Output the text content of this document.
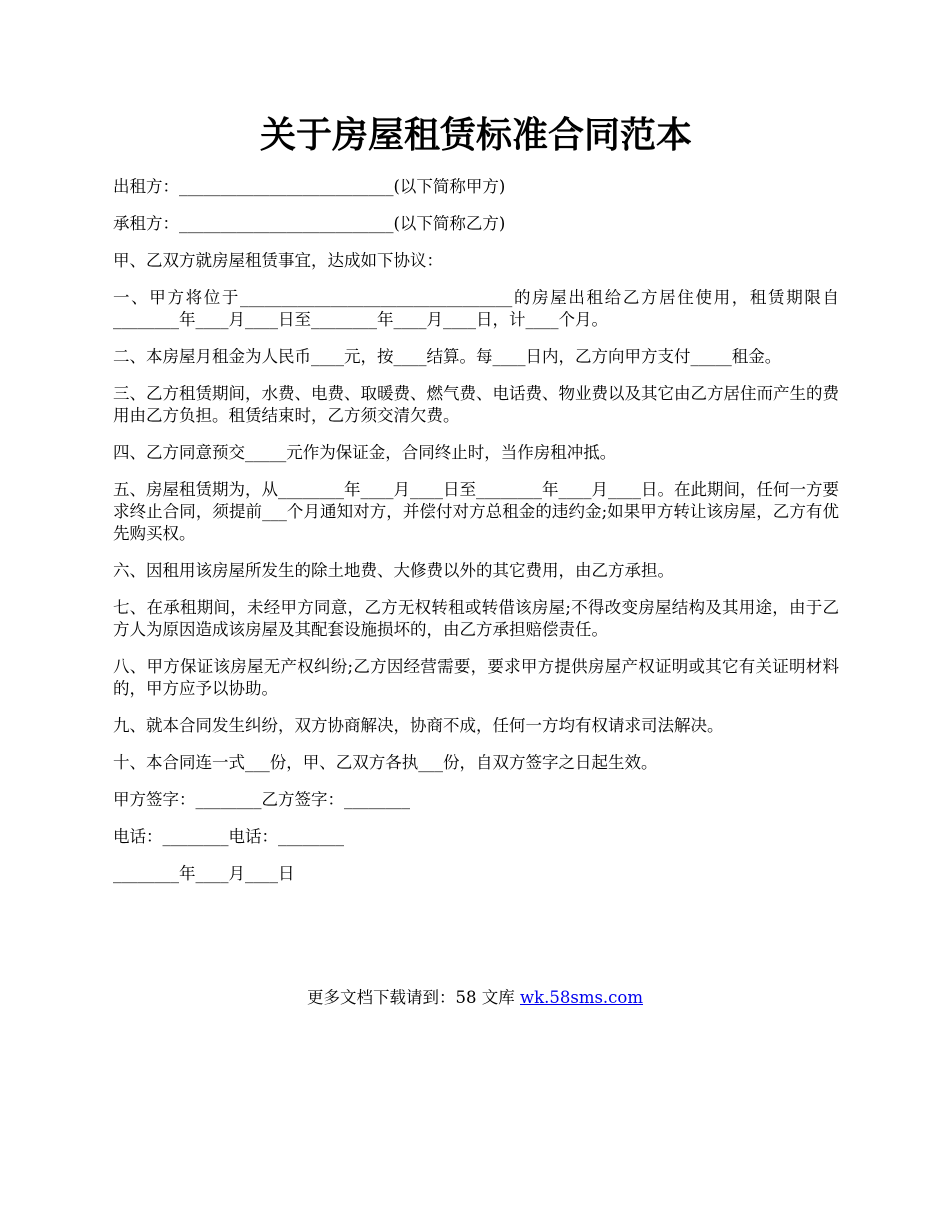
关于房屋租赁标准合同范本

出租方：__________________________(以下简称甲方)

承租方：__________________________(以下简称乙方)

甲、乙双方就房屋租赁事宜，达成如下协议：

一、甲方将位于_________________________________的房屋出租给乙方居住使用，租赁期限自________年____月____日至________年____月____日，计____个月。

二、本房屋月租金为人民币____元，按____结算。每____日内，乙方向甲方支付_____租金。

三、乙方租赁期间，水费、电费、取暖费、燃气费、电话费、物业费以及其它由乙方居住而产生的费用由乙方负担。租赁结束时，乙方须交清欠费。

四、乙方同意预交_____元作为保证金，合同终止时，当作房租冲抵。

五、房屋租赁期为，从________年____月____日至________年____月____日。在此期间，任何一方要求终止合同，须提前___个月通知对方，并偿付对方总租金的违约金;如果甲方转让该房屋，乙方有优先购买权。

六、因租用该房屋所发生的除土地费、大修费以外的其它费用，由乙方承担。

七、在承租期间，未经甲方同意，乙方无权转租或转借该房屋;不得改变房屋结构及其用途，由于乙方人为原因造成该房屋及其配套设施损坏的，由乙方承担赔偿责任。

八、甲方保证该房屋无产权纠纷;乙方因经营需要，要求甲方提供房屋产权证明或其它有关证明材料的，甲方应予以协助。

九、就本合同发生纠纷，双方协商解决，协商不成，任何一方均有权请求司法解决。

十、本合同连一式___份，甲、乙双方各执___份，自双方签字之日起生效。

甲方签字：________乙方签字：________

电话：________电话：________

________年____月____日

更多文档下载请到：58 文库 wk.58sms.com
